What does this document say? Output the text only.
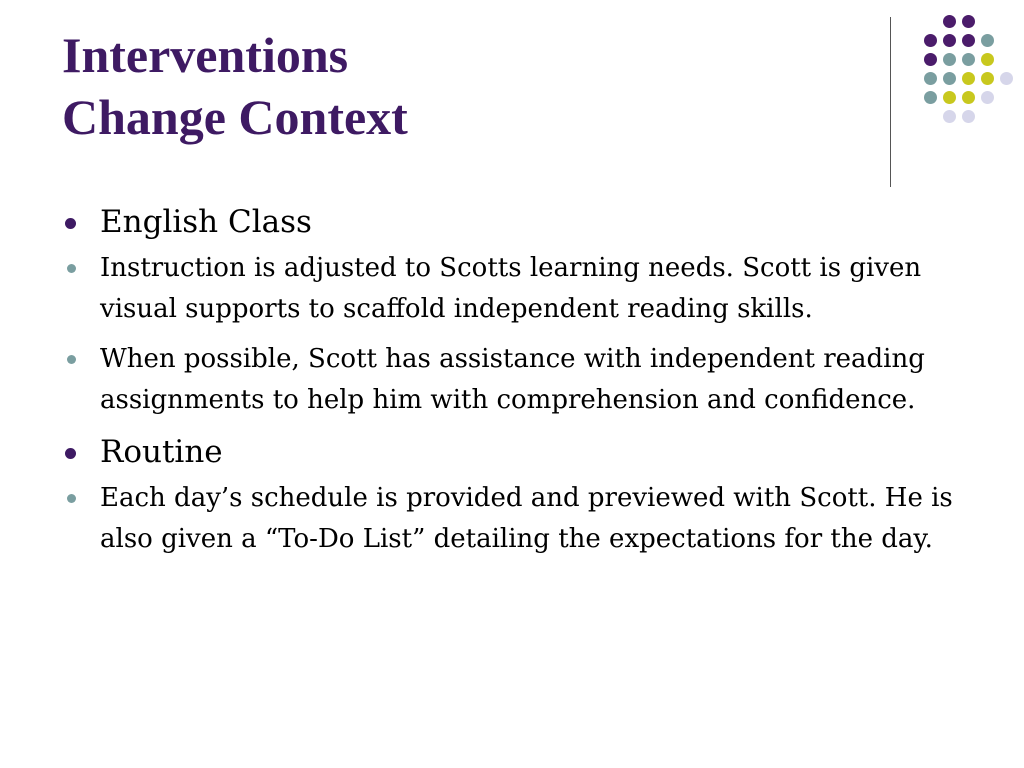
Interventions
Change Context
English Class
Instruction is adjusted to Scotts learning needs. Scott is given visual supports to scaffold independent reading skills.
When possible, Scott has assistance with independent reading assignments to help him with comprehension and confidence.
Routine
Each day’s schedule is provided and previewed with Scott. He is also given a “To-Do List” detailing the expectations for the day.
